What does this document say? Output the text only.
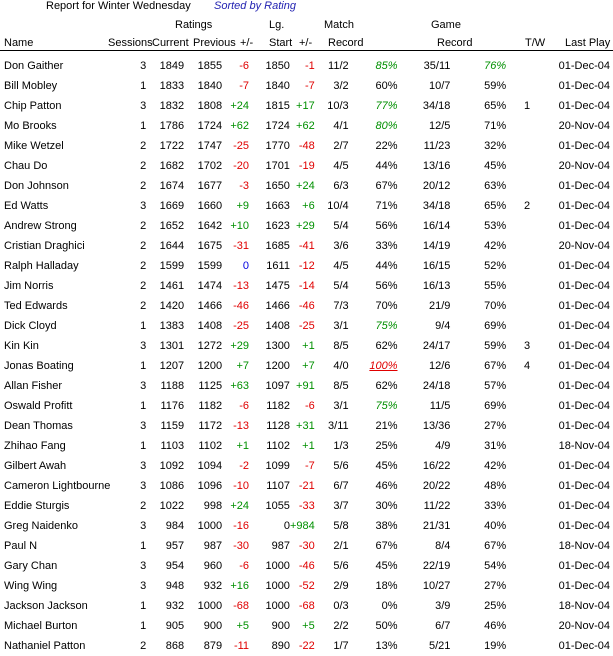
Report for Winter Wednesday Sorted by Rating
Ratings	Lg.	Match	Game
Name	Sessions Current Previous +/- Start +/- Record	Record	T/W Last Play
Don Gaither	3	1849	1855	-6	1850	-1	11/2	85%	35/11	76%		01-Dec-04
Bill Mobley	1	1833	1840	-7	1840	-7	3/2	60%	10/7	59%		01-Dec-04
Chip Patton	3	1832	1808	+24	1815	+17	10/3	77%	34/18	65%	1	01-Dec-04
Mo Brooks	1	1786	1724	+62	1724	+62	4/1	80%	12/5	71%		20-Nov-04
Mike Wetzel	2	1722	1747	-25	1770	-48	2/7	22%	11/23	32%		01-Dec-04
Chau Do	2	1682	1702	-20	1701	-19	4/5	44%	13/16	45%		20-Nov-04
Don Johnson	2	1674	1677	-3	1650	+24	6/3	67%	20/12	63%		01-Dec-04
Ed Watts	3	1669	1660	+9	1663	+6	10/4	71%	34/18	65%	2	01-Dec-04
Andrew Strong	2	1652	1642	+10	1623	+29	5/4	56%	16/14	53%		01-Dec-04
Cristian Draghici	2	1644	1675	-31	1685	-41	3/6	33%	14/19	42%		20-Nov-04
Ralph Halladay	2	1599	1599	0	1611	-12	4/5	44%	16/15	52%		01-Dec-04
Jim Norris	2	1461	1474	-13	1475	-14	5/4	56%	16/13	55%		01-Dec-04
Ted Edwards	2	1420	1466	-46	1466	-46	7/3	70%	21/9	70%		01-Dec-04
Dick Cloyd	1	1383	1408	-25	1408	-25	3/1	75%	9/4	69%		01-Dec-04
Kin Kin	3	1301	1272	+29	1300	+1	8/5	62%	24/17	59%	3	01-Dec-04
Jonas Boating	1	1207	1200	+7	1200	+7	4/0	100%	12/6	67%	4	01-Dec-04
Allan Fisher	3	1188	1125	+63	1097	+91	8/5	62%	24/18	57%		01-Dec-04
Oswald Profitt	1	1176	1182	-6	1182	-6	3/1	75%	11/5	69%		01-Dec-04
Dean Thomas	3	1159	1172	-13	1128	+31	3/11	21%	13/36	27%		01-Dec-04
Zhihao Fang	1	1103	1102	+1	1102	+1	1/3	25%	4/9	31%		18-Nov-04
Gilbert Awah	3	1092	1094	-2	1099	-7	5/6	45%	16/22	42%		01-Dec-04
Cameron Lightbourne	3	1086	1096	-10	1107	-21	6/7	46%	20/22	48%		01-Dec-04
Eddie Sturgis	2	1022	998	+24	1055	-33	3/7	30%	11/22	33%		01-Dec-04
Greg Naidenko	3	984	1000	-16	0	+984	5/8	38%	21/31	40%		01-Dec-04
Paul N	1	957	987	-30	987	-30	2/1	67%	8/4	67%		18-Nov-04
Gary Chan	3	954	960	-6	1000	-46	5/6	45%	22/19	54%		01-Dec-04
Wing Wing	3	948	932	+16	1000	-52	2/9	18%	10/27	27%		01-Dec-04
Jackson Jackson	1	932	1000	-68	1000	-68	0/3	0%	3/9	25%		18-Nov-04
Michael Burton	1	905	900	+5	900	+5	2/2	50%	6/7	46%		20-Nov-04
Nathaniel Patton	2	868	879	-11	890	-22	1/7	13%	5/21	19%		01-Dec-04
